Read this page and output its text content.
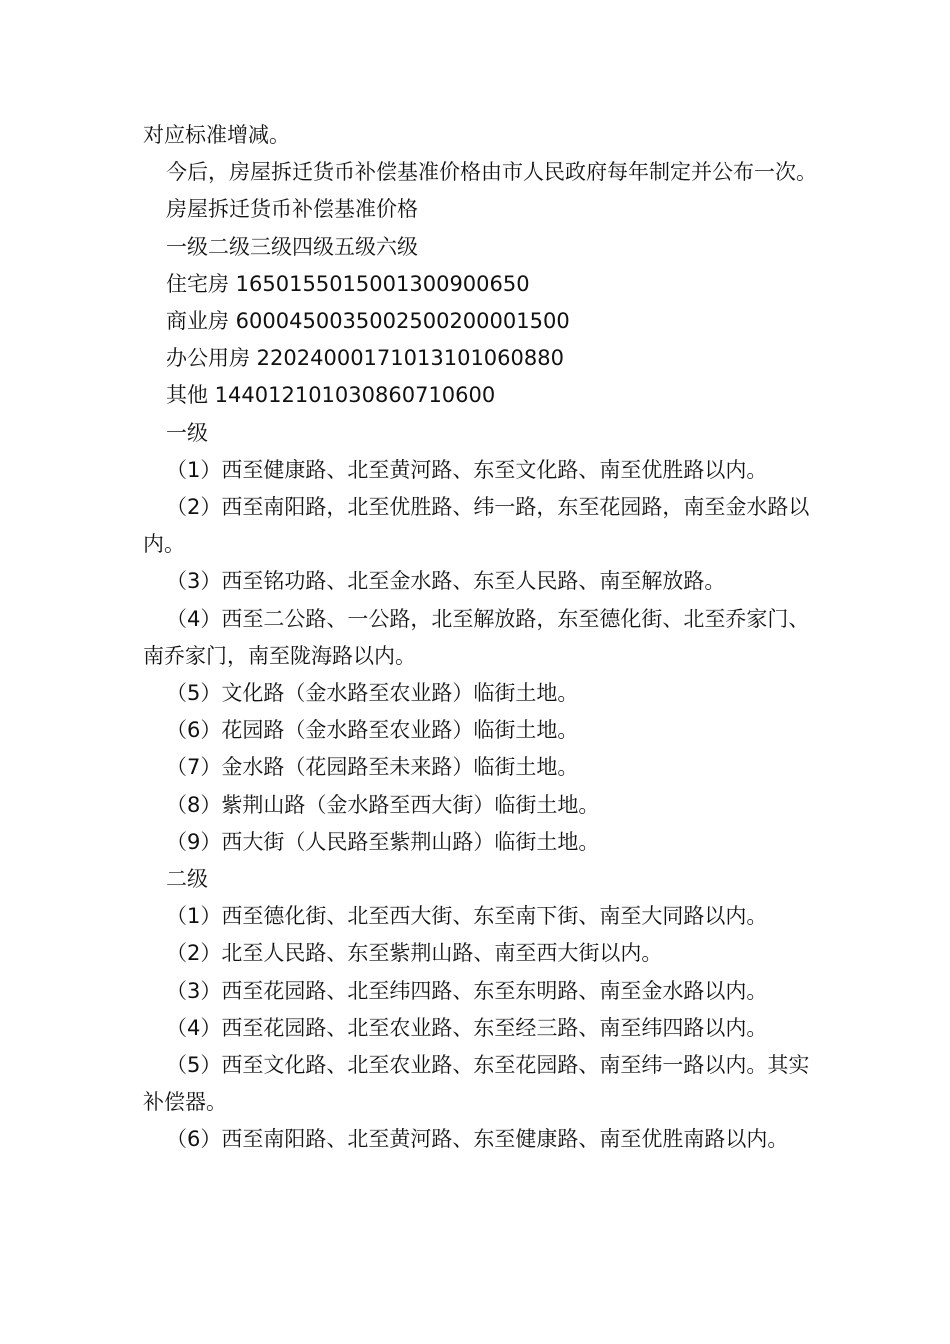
对应标准增减。

今后，房屋拆迁货币补偿基准价格由市人民政府每年制定并公布一次。

房屋拆迁货币补偿基准价格

一级二级三级四级五级六级

住宅房 1650155015001300900650

商业房 6000450035002500200001500

办公用房 22024000171013101060880

其他 14401210103086071060​0

一级

（1）西至健康路、北至黄河路、东至文化路、南至优胜路以内。

（2）西至南阳路，北至优胜路、纬一路，东至花园路，南至金水路以内。

（3）西至铭功路、北至金水路、东至人民路、南至解放路。

（4）西至二公路、一公路，北至解放路，东至德化街、北至乔家门、南乔家门，南至陇海路以内。

（5）文化路（金水路至农业路）临街土地。

（6）花园路（金水路至农业路）临街土地。

（7）金水路（花园路至未来路）临街土地。

（8）紫荆山路（金水路至西大街）临街土地。

（9）西大街（人民路至紫荆山路）临街土地。

二级

（1）西至德化街、北至西大街、东至南下街、南至大同路以内。

（2）北至人民路、东至紫荆山路、南至西大街以内。

（3）西至花园路、北至纬四路、东至东明路、南至金水路以内。

（4）西至花园路、北至农业路、东至经三路、南至纬四路以内。

（5）西至文化路、北至农业路、东至花园路、南至纬一路以内。其实补偿器。

（6）西至南阳路、北至黄河路、东至健康路、南至优胜南路以内。
